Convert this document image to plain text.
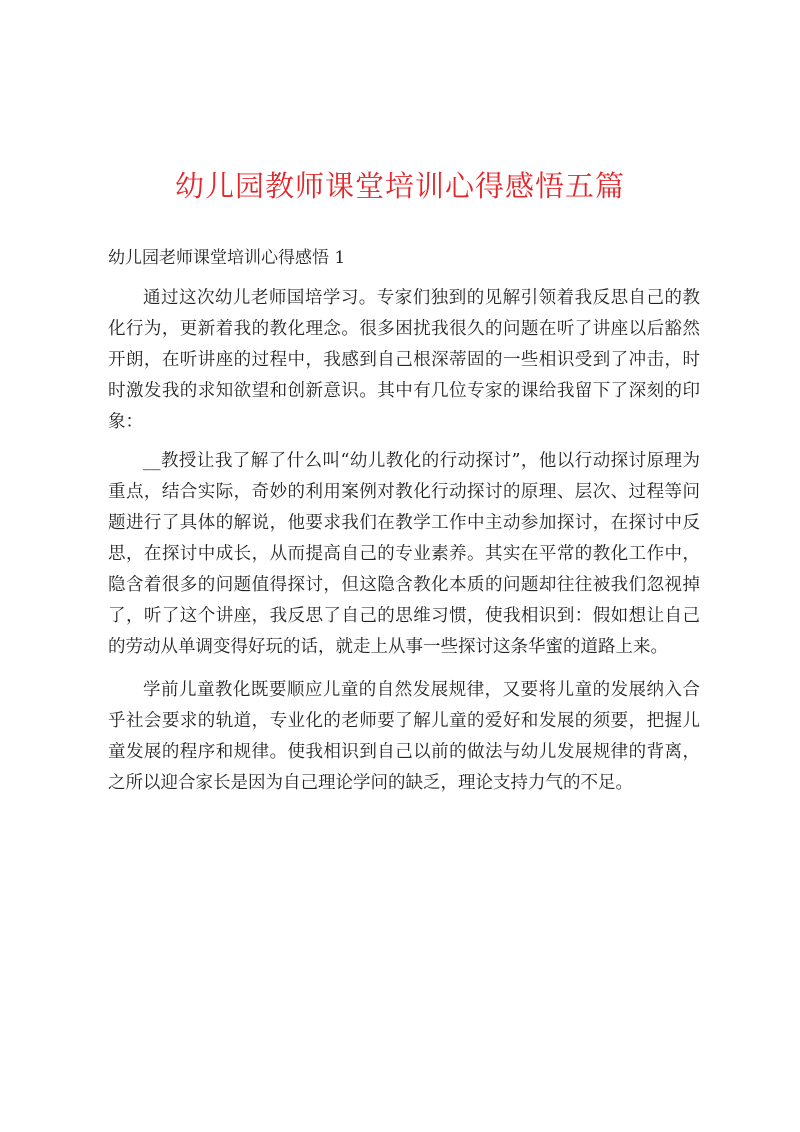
幼儿园教师课堂培训心得感悟五篇
幼儿园老师课堂培训心得感悟 1

通过这次幼儿老师国培学习。专家们独到的见解引领着我反思自己的教化行为，更新着我的教化理念。很多困扰我很久的问题在听了讲座以后豁然开朗，在听讲座的过程中，我感到自己根深蒂固的一些相识受到了冲击，时时激发我的求知欲望和创新意识。其中有几位专家的课给我留下了深刻的印象：

__教授让我了解了什么叫“幼儿教化的行动探讨”，他以行动探讨原理为重点，结合实际，奇妙的利用案例对教化行动探讨的原理、层次、过程等问题进行了具体的解说，他要求我们在教学工作中主动参加探讨，在探讨中反思，在探讨中成长，从而提高自己的专业素养。其实在平常的教化工作中，隐含着很多的问题值得探讨，但这隐含教化本质的问题却往往被我们忽视掉了，听了这个讲座，我反思了自己的思维习惯，使我相识到：假如想让自己的劳动从单调变得好玩的话，就走上从事一些探讨这条华蜜的道路上来。

学前儿童教化既要顺应儿童的自然发展规律，又要将儿童的发展纳入合乎社会要求的轨道，专业化的老师要了解儿童的爱好和发展的须要，把握儿童发展的程序和规律。使我相识到自己以前的做法与幼儿发展规律的背离，之所以迎合家长是因为自己理论学问的缺乏，理论支持力气的不足。
